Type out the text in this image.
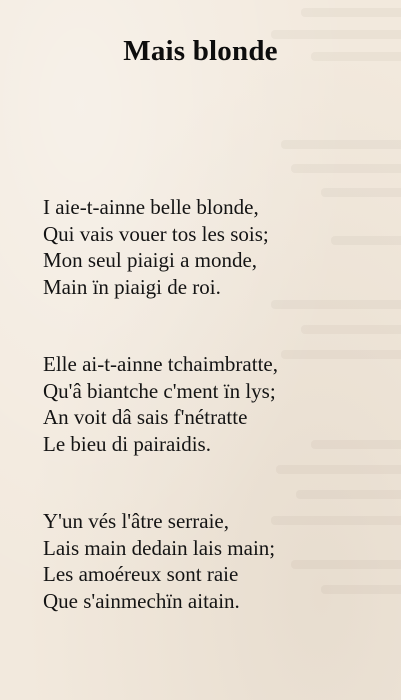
Mais blonde
I aie-t-ainne belle blonde,
Qui vais vouer tos les sois;
Mon seul piaigi a monde,
Main ïn piaigi de roi.
Elle ai-t-ainne tchaimbratte,
Qu'â biantche c'ment ïn lys;
An voit dâ sais f'nétratte
Le bieu di pairaidis.
Y'un vés l'âtre serraie,
Lais main dedain lais main;
Les amoéreux sont raie
Que s'ainmechïn aitain.
